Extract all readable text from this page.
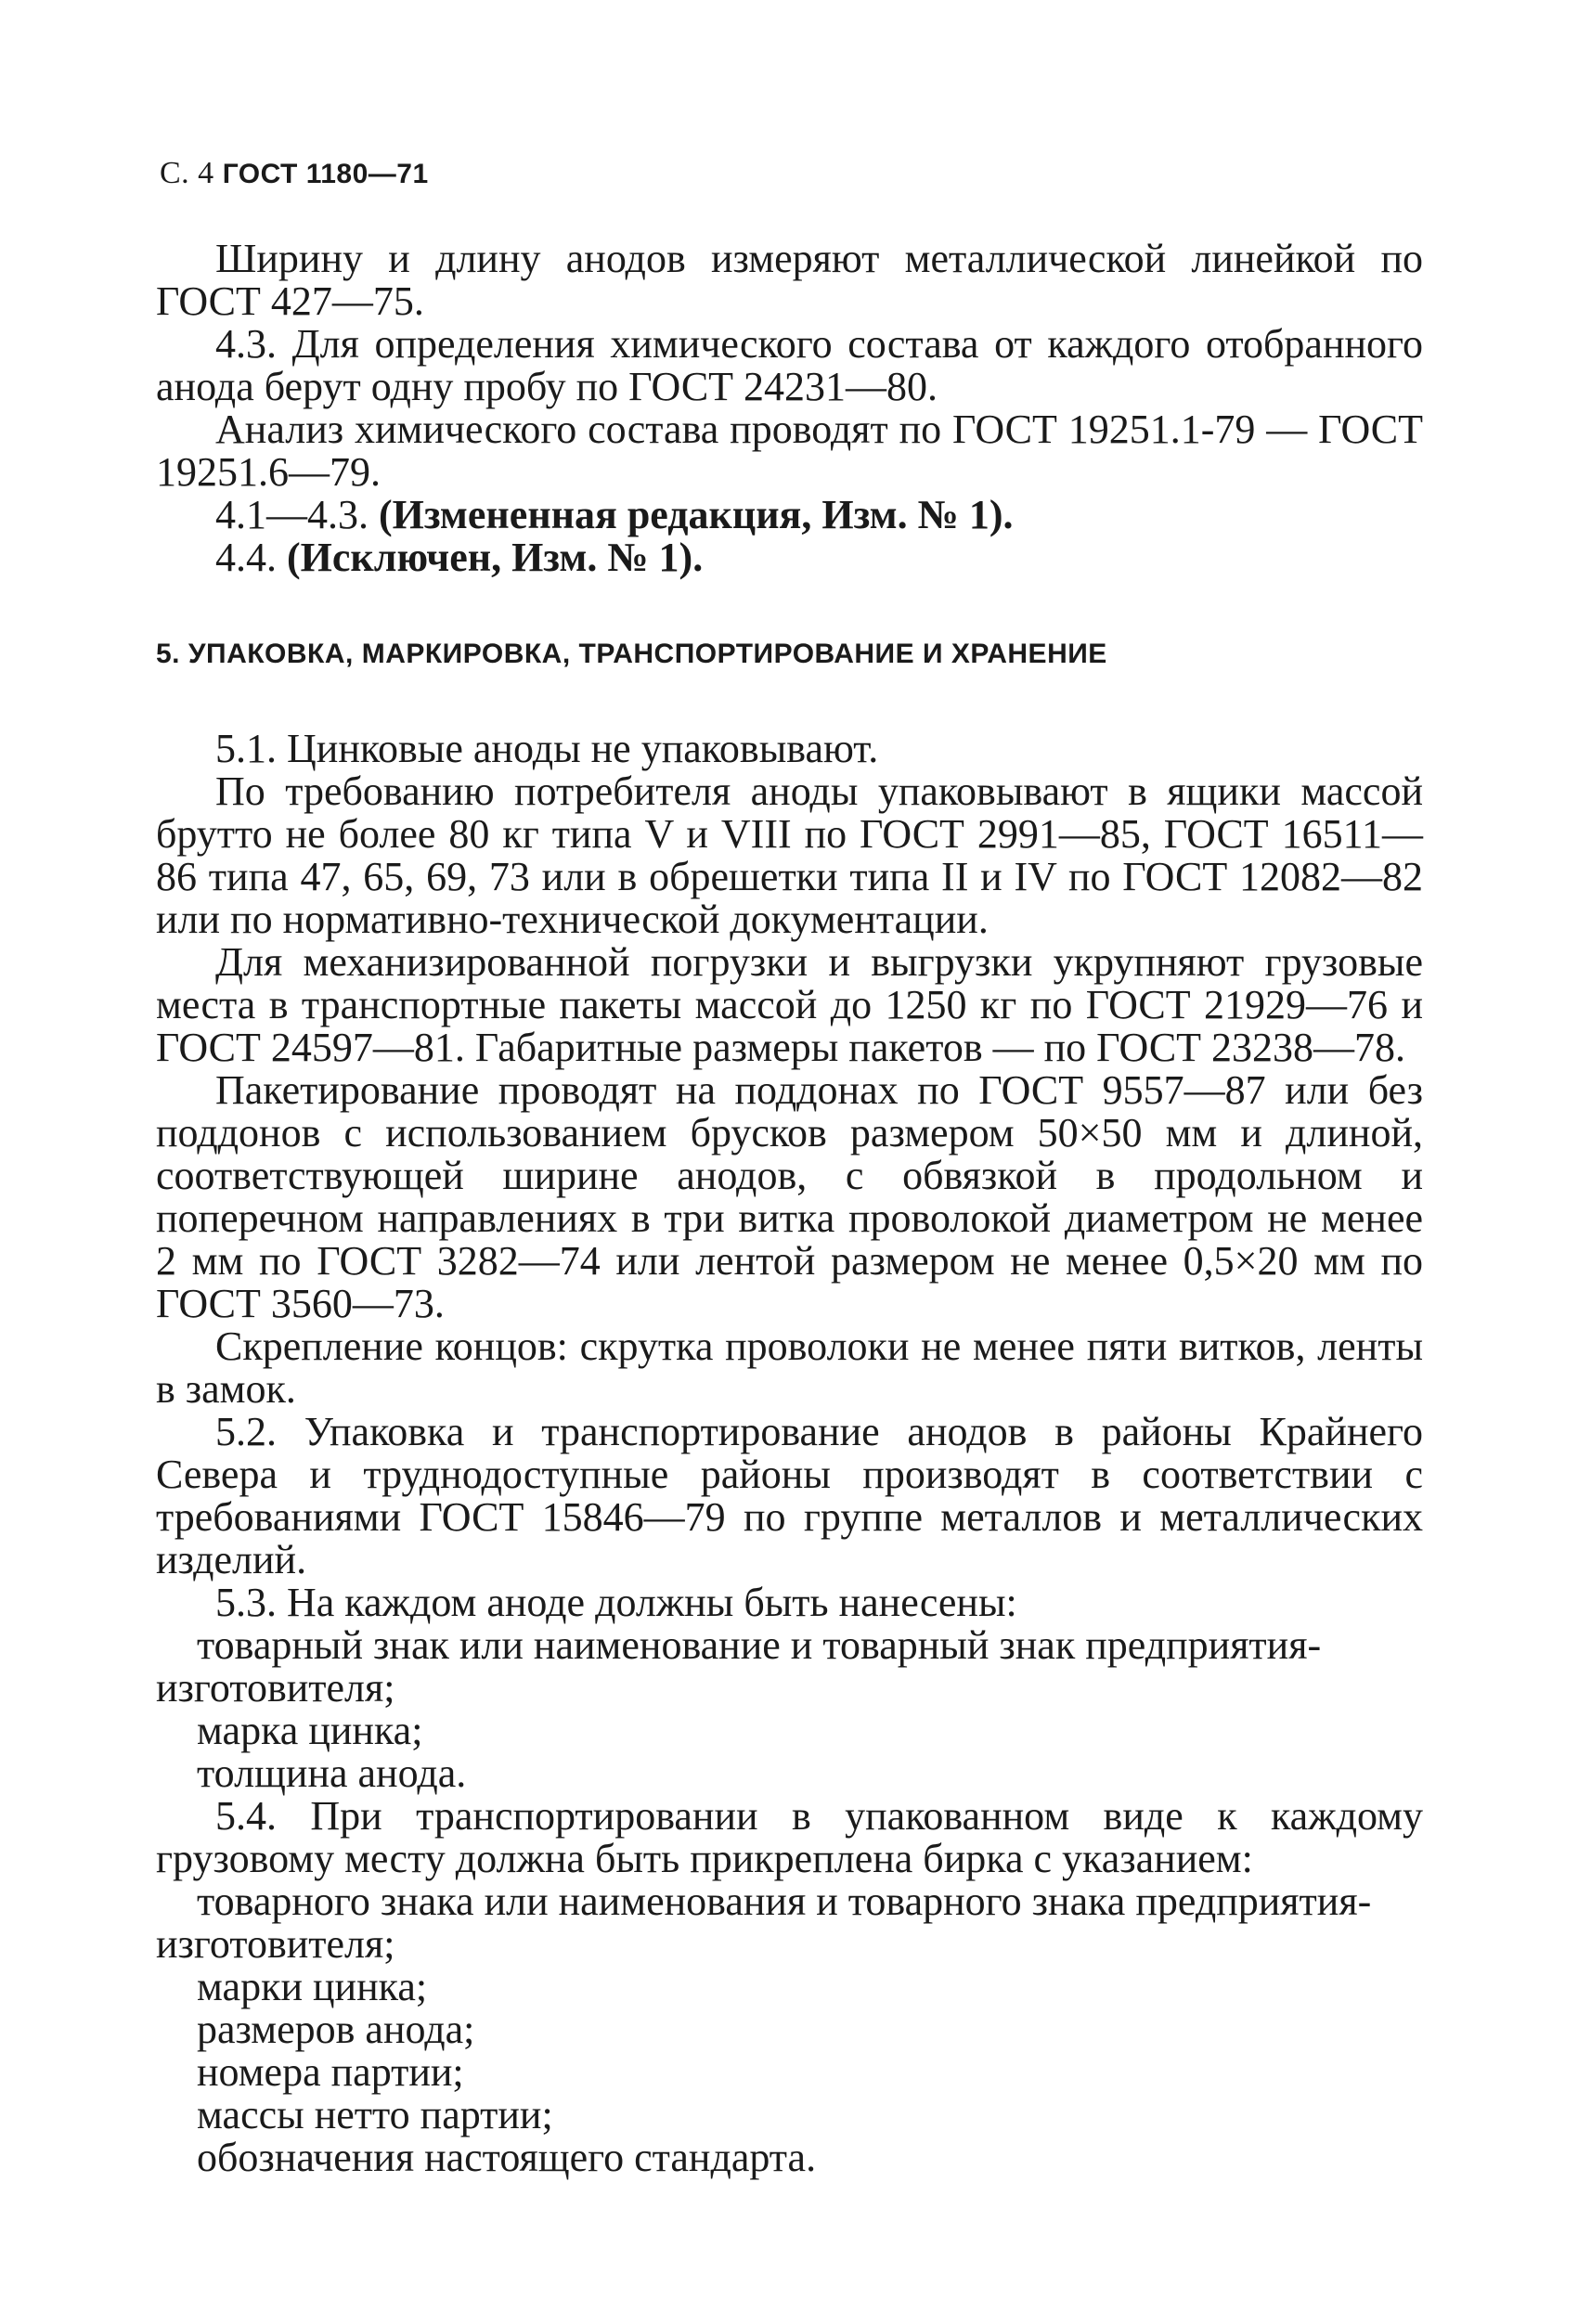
С. 4 ГОСТ 1180—71

Ширину и длину анодов измеряют металлической линейкой по ГОСТ 427—75.

4.3. Для определения химического состава от каждого отобранного анода берут одну пробу по ГОСТ 24231—80.

Анализ химического состава проводят по ГОСТ 19251.1-79 — ГОСТ 19251.6—79.

4.1—4.3. (Измененная редакция, Изм. № 1).

4.4. (Исключен, Изм. № 1).

5. УПАКОВКА, МАРКИРОВКА, ТРАНСПОРТИРОВАНИЕ И ХРАНЕНИЕ

5.1. Цинковые аноды не упаковывают.

По требованию потребителя аноды упаковывают в ящики массой брутто не более 80 кг типа V и VIII по ГОСТ 2991—85, ГОСТ 16511—86 типа 47, 65, 69, 73 или в обрешетки типа II и IV по ГОСТ 12082—82 или по нормативно-технической документации.

Для механизированной погрузки и выгрузки укрупняют грузовые места в транспортные пакеты массой до 1250 кг по ГОСТ 21929—76 и ГОСТ 24597—81. Габаритные размеры пакетов — по ГОСТ 23238—78.

Пакетирование проводят на поддонах по ГОСТ 9557—87 или без поддонов с использованием брусков размером 50×50 мм и длиной, соответствующей ширине анодов, с обвязкой в продольном и поперечном направлениях в три витка проволокой диаметром не менее 2 мм по ГОСТ 3282—74 или лентой размером не менее 0,5×20 мм по ГОСТ 3560—73.

Скрепление концов: скрутка проволоки не менее пяти витков, ленты в замок.

5.2. Упаковка и транспортирование анодов в районы Крайнего Севера и труднодоступные районы производят в соответствии с требованиями ГОСТ 15846—79 по группе металлов и металлических изделий.

5.3. На каждом аноде должны быть нанесены:

товарный знак или наименование и товарный знак предприятия-изготовителя;

марка цинка;

толщина анода.

5.4. При транспортировании в упакованном виде к каждому грузовому месту должна быть прикреплена бирка с указанием:

товарного знака или наименования и товарного знака предприятия-изготовителя;

марки цинка;

размеров анода;

номера партии;

массы нетто партии;

обозначения настоящего стандарта.
